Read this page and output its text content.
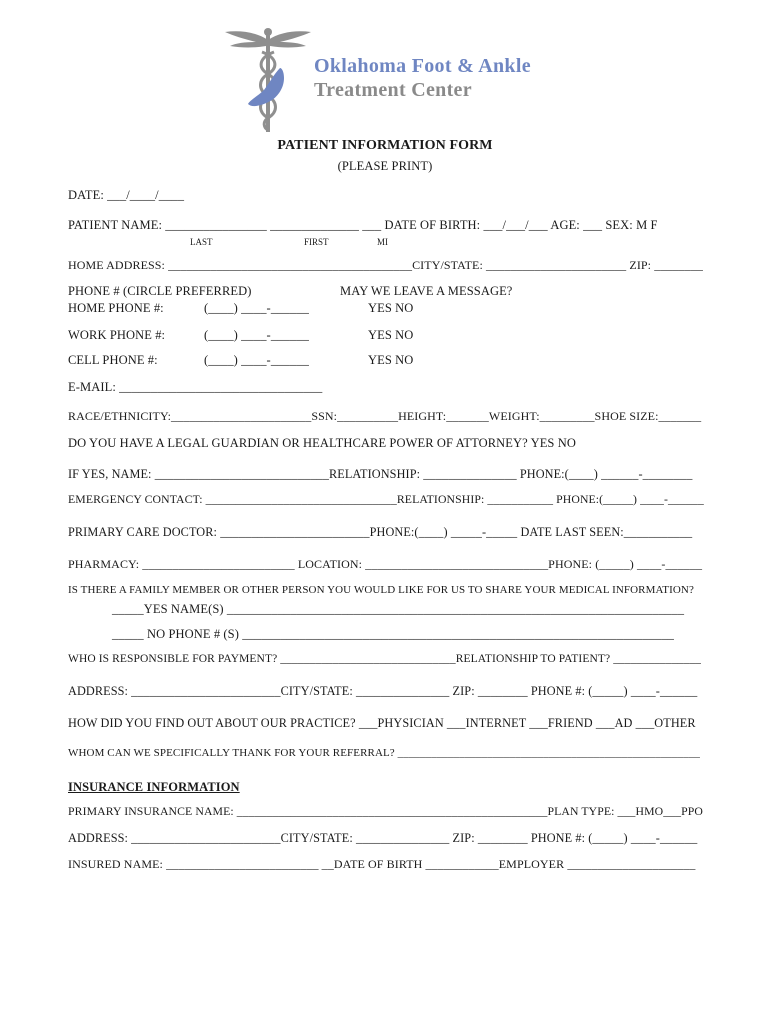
Oklahoma Foot & Ankle
Treatment Center
PATIENT INFORMATION FORM
(PLEASE PRINT)
DATE: ___/____/____
PATIENT NAME: ________________ ______________ ___ DATE OF BIRTH: ___/___/___ AGE: ___ SEX: M F
LAST	FIRST	MI
HOME ADDRESS: ________________________________________CITY/STATE: _______________________ ZIP: ________
PHONE # (CIRCLE PREFERRED)	MAY WE LEAVE A MESSAGE?
HOME PHONE #:	(____) ____-______	YES NO
WORK PHONE #:	(____) ____-______	YES NO
CELL PHONE #:	(____) ____-______	YES NO
E-MAIL: ________________________________
RACE/ETHNICITY:_______________________SSN:__________HEIGHT:_______WEIGHT:_________SHOE SIZE:_______
DO YOU HAVE A LEGAL GUARDIAN OR HEALTHCARE POWER OF ATTORNEY? YES NO
IF YES, NAME: ____________________________RELATIONSHIP: _______________ PHONE:(____) ______-________
EMERGENCY CONTACT: ________________________________RELATIONSHIP: ___________ PHONE:(_____) ____-______
PRIMARY CARE DOCTOR: ________________________PHONE:(____) _____-_____ DATE LAST SEEN:___________
PHARMACY: _________________________ LOCATION: ______________________________PHONE: (_____) ____-______
IS THERE A FAMILY MEMBER OR OTHER PERSON YOU WOULD LIKE FOR US TO SHARE YOUR MEDICAL INFORMATION?
_____YES NAME(S) ________________________________________________________________________
_____ NO PHONE # (S) ____________________________________________________________________
WHO IS RESPONSIBLE FOR PAYMENT? ______________________________RELATIONSHIP TO PATIENT? _______________
ADDRESS: ________________________CITY/STATE: _______________ ZIP: ________ PHONE #: (_____) ____-______
HOW DID YOU FIND OUT ABOUT OUR PRACTICE? ___PHYSICIAN ___INTERNET ___FRIEND ___AD ___OTHER
WHOM CAN WE SPECIFICALLY THANK FOR YOUR REFERRAL? ______________________________________________________
INSURANCE INFORMATION
PRIMARY INSURANCE NAME: ____________________________________________________PLAN TYPE: ___HMO___PPO
ADDRESS: ________________________CITY/STATE: _______________ ZIP: ________ PHONE #: (_____) ____-______
INSURED NAME: _________________________ __DATE OF BIRTH ____________EMPLOYER _____________________
